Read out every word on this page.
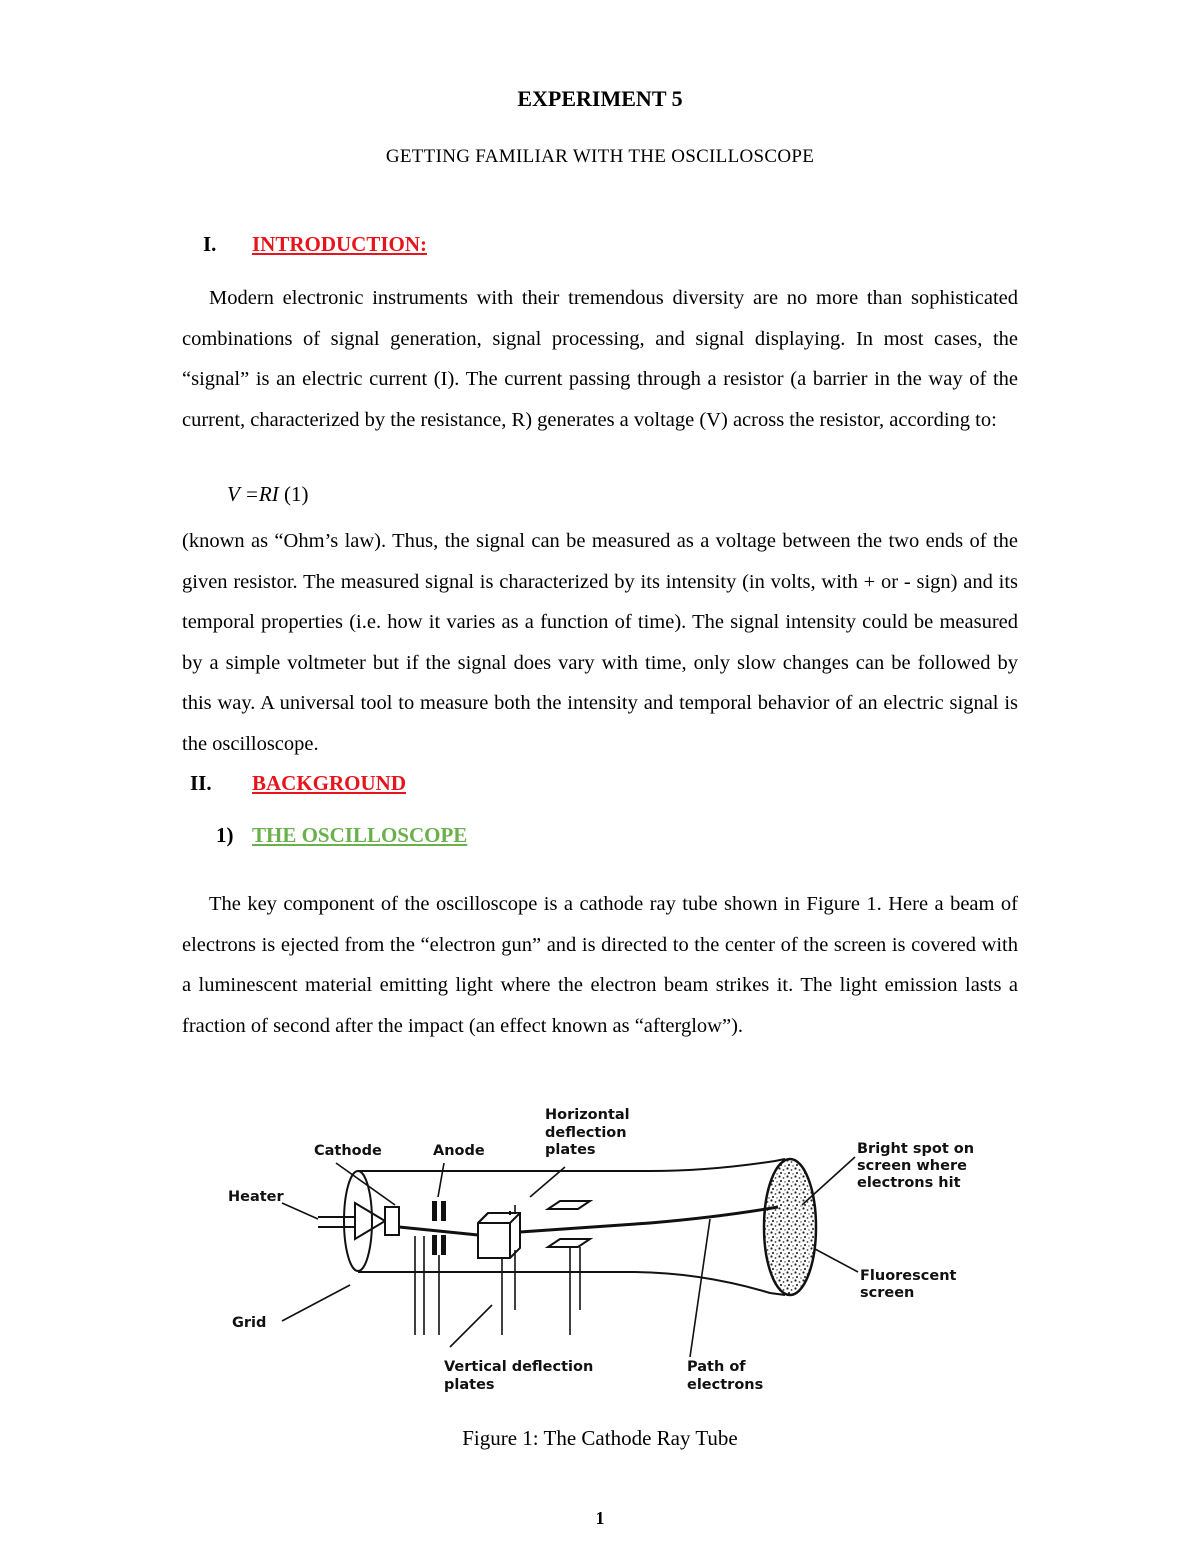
EXPERIMENT 5
GETTING FAMILIAR WITH THE OSCILLOSCOPE
I. INTRODUCTION:

Modern electronic instruments with their tremendous diversity are no more than sophisticated combinations of signal generation, signal processing, and signal displaying. In most cases, the “signal” is an electric current (I). The current passing through a resistor (a barrier in the way of the current, characterized by the resistance, R) generates a voltage (V) across the resistor, according to:

V =RI (1)

(known as “Ohm’s law). Thus, the signal can be measured as a voltage between the two ends of the given resistor. The measured signal is characterized by its intensity (in volts, with + or - sign) and its temporal properties (i.e. how it varies as a function of time). The signal intensity could be measured by a simple voltmeter but if the signal does vary with time, only slow changes can be followed by this way. A universal tool to measure both the intensity and temporal behavior of an electric signal is the oscilloscope.

II. BACKGROUND
1) THE OSCILLOSCOPE

The key component of the oscilloscope is a cathode ray tube shown in Figure 1. Here a beam of electrons is ejected from the “electron gun” and is directed to the center of the screen is covered with a luminescent material emitting light where the electron beam strikes it. The light emission lasts a fraction of second after the impact (an effect known as “afterglow”).

Horizontal
deflection
plates
Cathode	Anode	Bright spot on
screen where
electrons hit
Heater
Fluorescent
screen
Grid
Vertical deflection
plates
Path of
electrons
Figure 1: The Cathode Ray Tube
1
